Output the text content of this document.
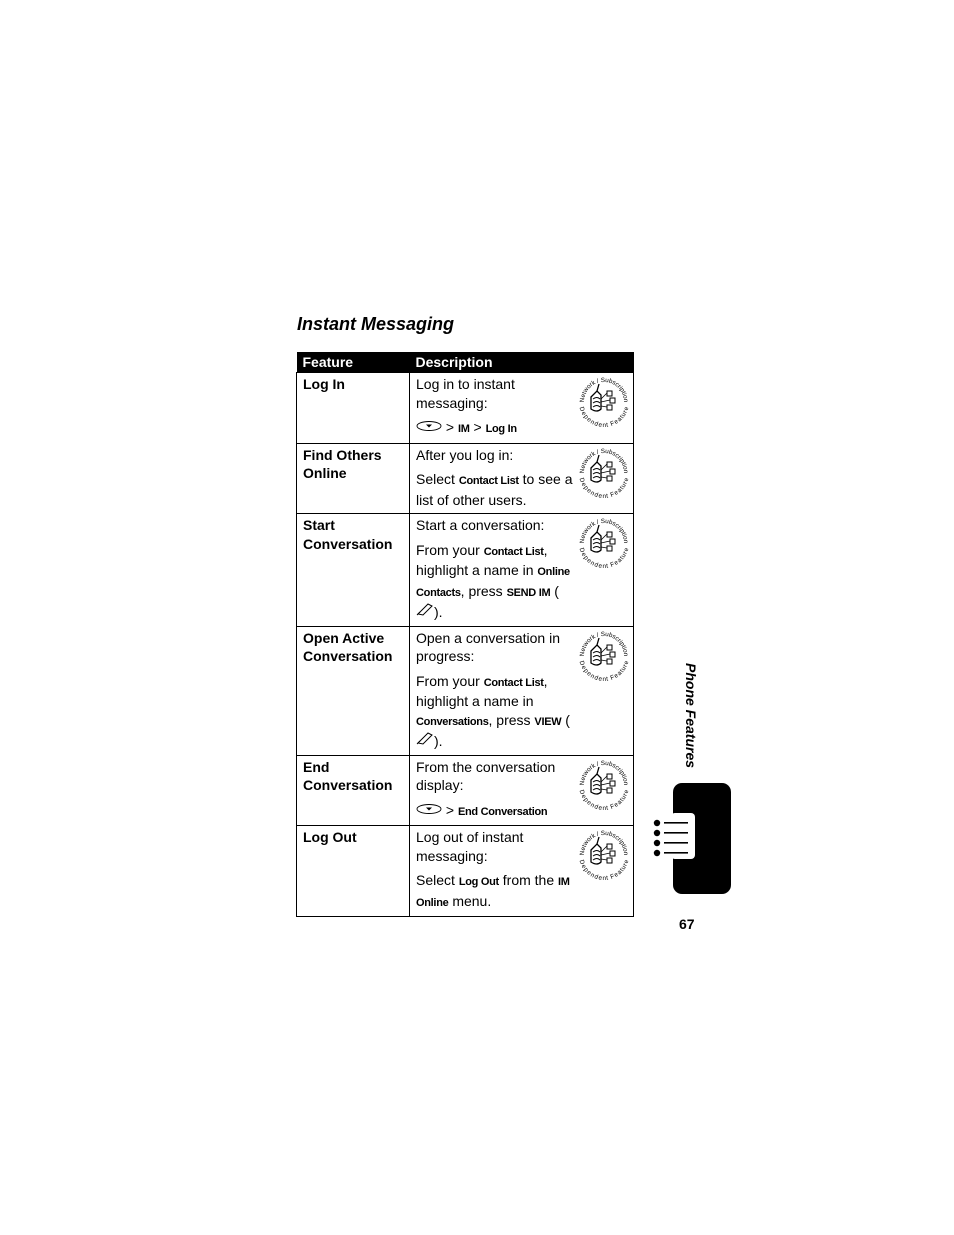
Instant Messaging
Feature	Description
Log In	Log in to instant messaging:

> IM > Log In

Find Others Online	After you log in:

Select Contact List to see a list of other users.

Start Conversation	Start a conversation:

From your Contact List, highlight a name in Online Contacts, press SEND IM ().

Open Active Conversation	Open a conversation in progress:

From your Contact List, highlight a name in Conversations, press VIEW ().

End Conversation	From the conversation display:

> End Conversation

Log Out	Log out of instant messaging:

Select Log Out from the IM Online menu.

Phone Features
67
